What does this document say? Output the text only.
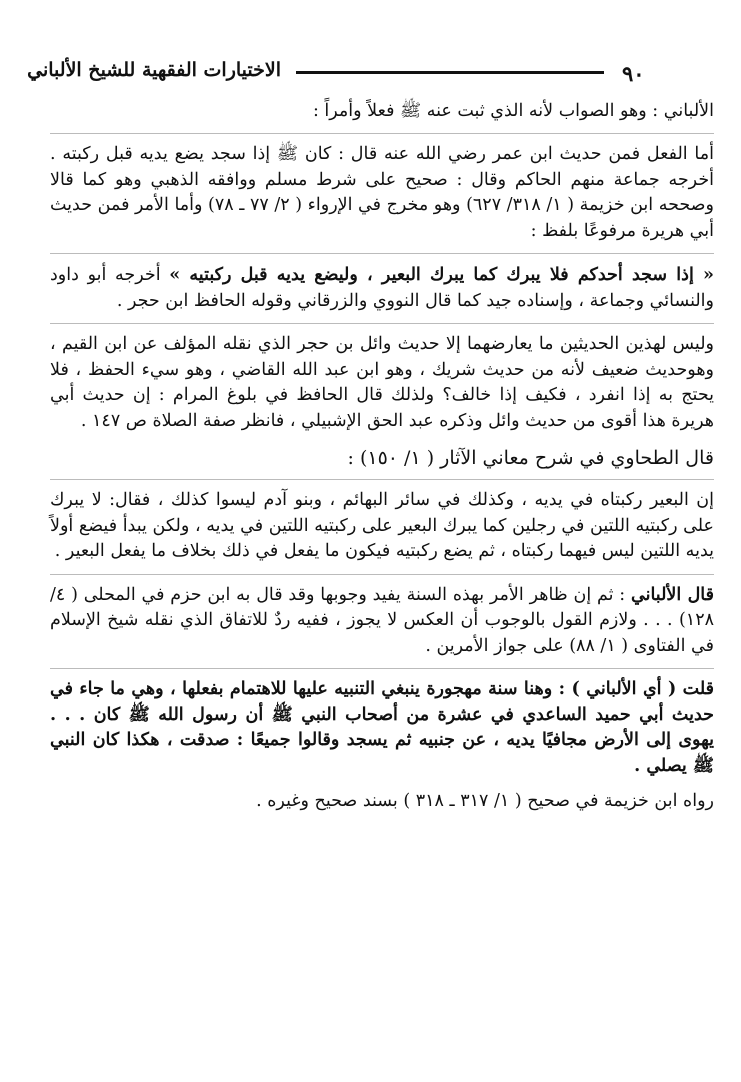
٩٠
الاختيارات الفقهية للشيخ الألباني

الألباني : وهو الصواب لأنه الذي ثبت عنه ﷺ فعلاً وأمراً :

أما الفعل فمن حديث ابن عمر رضي الله عنه قال : كان ﷺ إذا سجد يضع يديه قبل ركبته . أخرجه جماعة منهم الحاكم وقال : صحيح على شرط مسلم ووافقه الذهبي وهو كما قالا وصححه ابن خزيمة ( ١/ ٣١٨/ ٦٢٧) وهو مخرج في الإرواء ( ٢/ ٧٧ ـ ٧٨) وأما الأمر فمن حديث أبي هريرة مرفوعًا بلفظ :

« إذا سجد أحدكم فلا يبرك كما يبرك البعير ، وليضع يديه قبل ركبتيه » أخرجه أبو داود والنسائي وجماعة ، وإسناده جيد كما قال النووي والزرقاني وقوله الحافظ ابن حجر .

وليس لهذين الحديثين ما يعارضهما إلا حديث وائل بن حجر الذي نقله المؤلف عن ابن القيم ، وهوحديث ضعيف لأنه من حديث شريك ، وهو ابن عبد الله القاضي ، وهو سيء الحفظ ، فلا يحتج به إذا انفرد ، فكيف إذا خالف؟ ولذلك قال الحافظ في بلوغ المرام : إن حديث أبي هريرة هذا أقوى من حديث وائل وذكره عبد الحق الإشبيلي ، فانظر صفة الصلاة ص ١٤٧ .

قال الطحاوي في شرح معاني الآثار ( ١/ ١٥٠) :

إن البعير ركبتاه في يديه ، وكذلك في سائر البهائم ، وبنو آدم ليسوا كذلك ، فقال: لا يبرك على ركبتيه اللتين في رجلين كما يبرك البعير على ركبتيه اللتين في يديه ، ولكن يبدأ فيضع أولاً يديه اللتين ليس فيهما ركبتاه ، ثم يضع ركبتيه فيكون ما يفعل في ذلك بخلاف ما يفعل البعير .

قال الألباني : ثم إن ظاهر الأمر بهذه السنة يفيد وجوبها وقد قال به ابن حزم في المحلى ( ٤/ ١٢٨) . . . ولازم القول بالوجوب أن العكس لا يجوز ، ففيه ردٌ للاتفاق الذي نقله شيخ الإسلام في الفتاوى ( ١/ ٨٨) على جواز الأمرين .

قلت ( أي الألباني ) : وهنا سنة مهجورة ينبغي التنبيه عليها للاهتمام بفعلها ، وهي ما جاء في حديث أبي حميد الساعدي في عشرة من أصحاب النبي ﷺ أن رسول الله ﷺ كان . . . يهوى إلى الأرض مجافيًا يديه ، عن جنبيه ثم يسجد وقالوا جميعًا : صدقت ، هكذا كان النبي ﷺ يصلي .

رواه ابن خزيمة في صحيح ( ١/ ٣١٧ ـ ٣١٨ ) بسند صحيح وغيره .
